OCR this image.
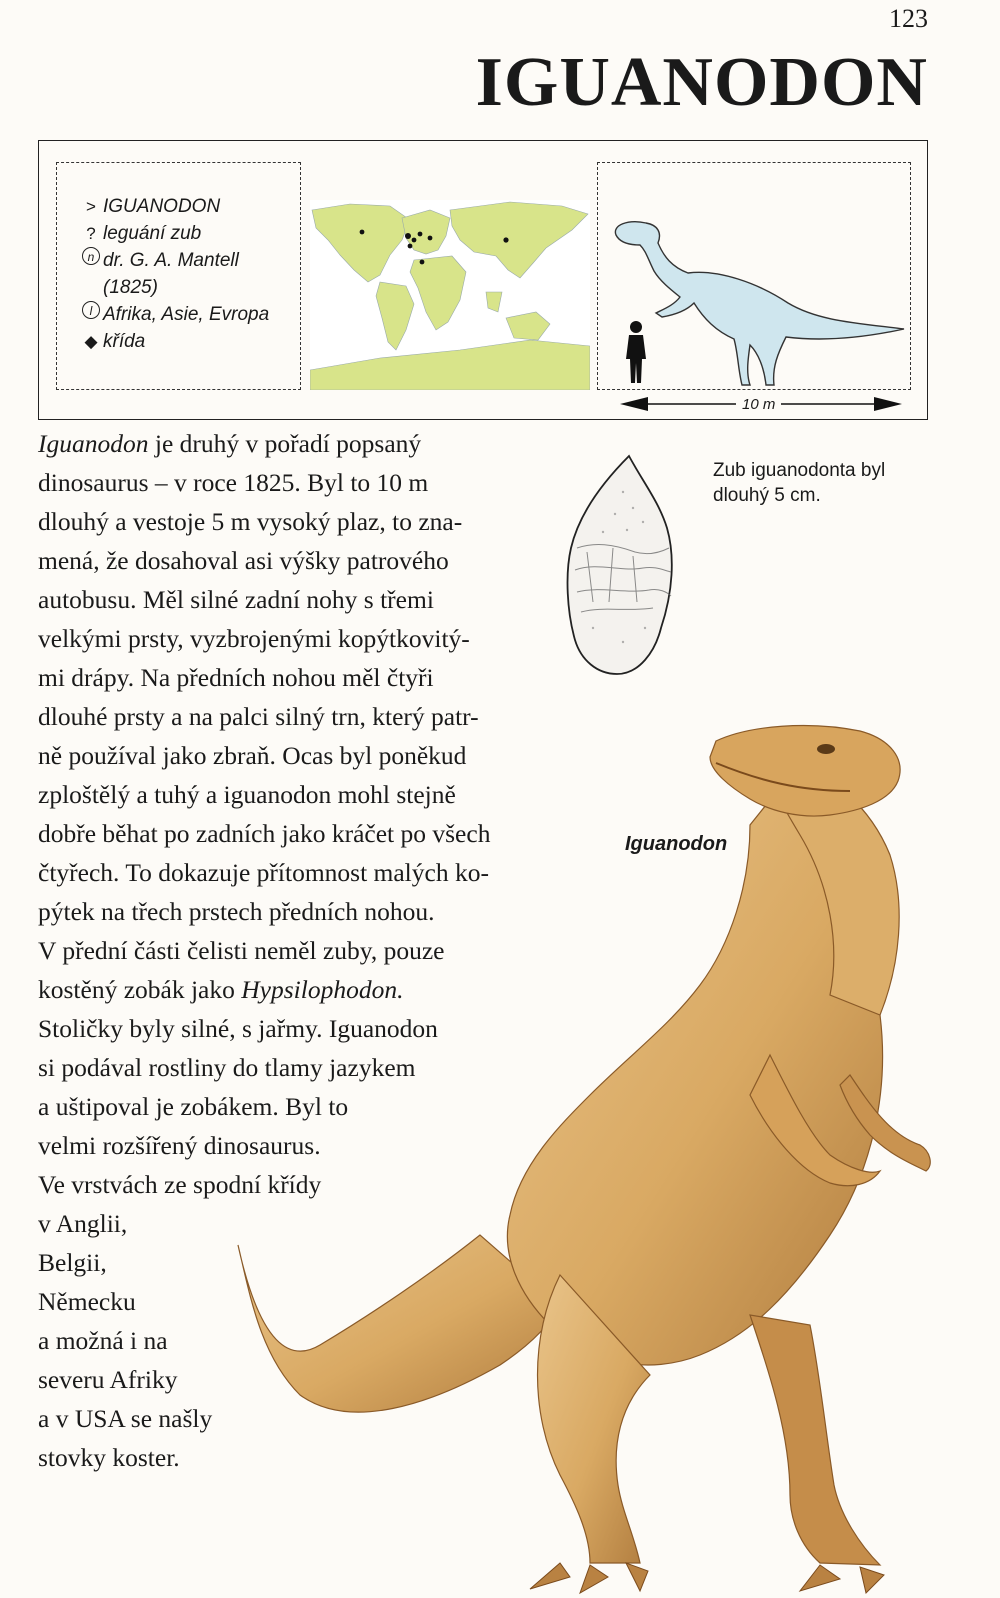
123
IGUANODON
> IGUANODON
? leguání zub
n dr. G. A. Mantell
(1825)
l Afrika, Asie, Evropa
◆ křída
10 m
Iguanodon je druhý v pořadí popsaný
dinosaurus – v roce 1825. Byl to 10 m
dlouhý a vestoje 5 m vysoký plaz, to zna-
mená, že dosahoval asi výšky patrového
autobusu. Měl silné zadní nohy s třemi
velkými prsty, vyzbrojenými kopýtkovitý-
mi drápy. Na předních nohou měl čtyři
dlouhé prsty a na palci silný trn, který patr-
ně používal jako zbraň. Ocas byl poněkud
zploštělý a tuhý a iguanodon mohl stejně
dobře běhat po zadních jako kráčet po všech
čtyřech. To dokazuje přítomnost malých ko-
pýtek na třech prstech předních nohou.
V přední části čelisti neměl zuby, pouze
kostěný zobák jako Hypsilophodon.
Stoličky byly silné, s jařmy. Iguanodon
si podával rostliny do tlamy jazykem
a uštipoval je zobákem. Byl to
velmi rozšířený dinosaurus.
Ve vrstvách ze spodní křídy
v Anglii,
Belgii,
Německu
a možná i na
severu Afriky
a v USA se našly
stovky koster.
Zub iguanodonta byl
dlouhý 5 cm.
Iguanodon
